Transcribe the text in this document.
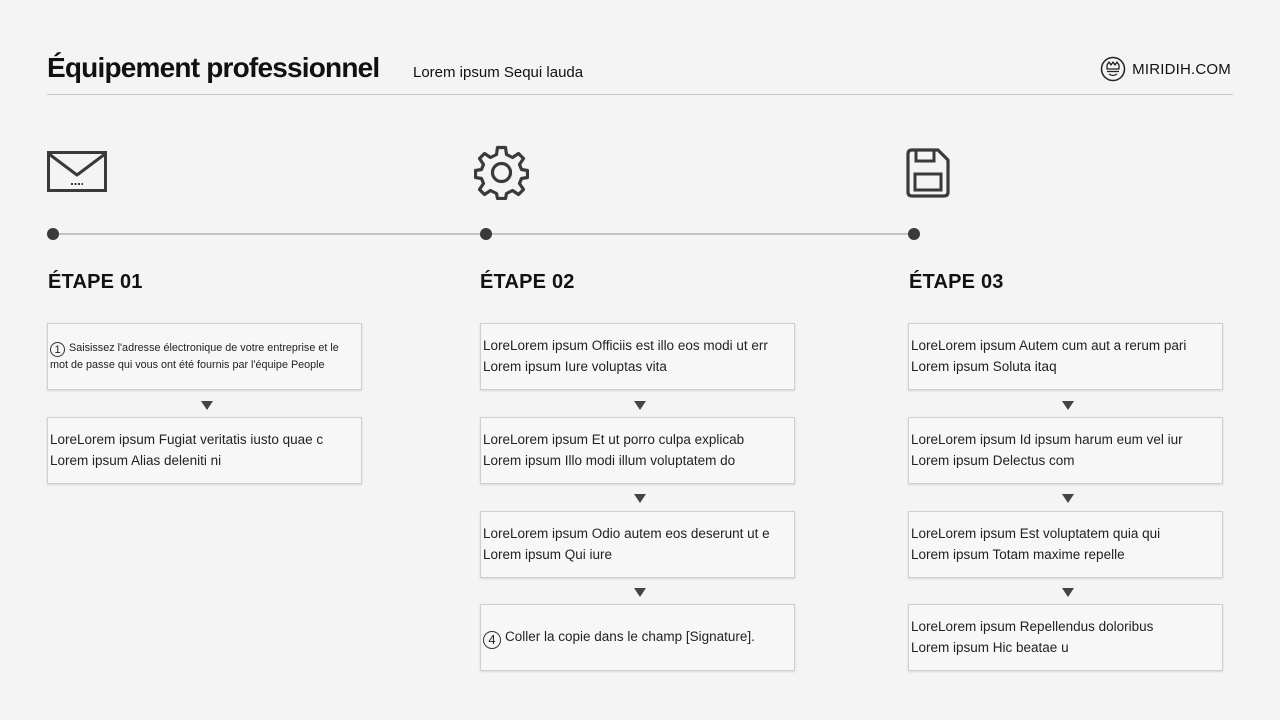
Équipement professionnel Lorem ipsum Sequi lauda	MIRIDIH.COM
ÉTAPE 01	ÉTAPE 02	ÉTAPE 03
1 Saisissez l'adresse électronique de votre entreprise et le
mot de passe qui vous ont été fournis par l'équipe People
LoreLorem ipsum Fugiat veritatis iusto quae c
Lorem ipsum Alias deleniti ni
LoreLorem ipsum Officiis est illo eos modi ut err
Lorem ipsum Iure voluptas vita
LoreLorem ipsum Et ut porro culpa explicab
Lorem ipsum Illo modi illum voluptatem do
LoreLorem ipsum Odio autem eos deserunt ut e
Lorem ipsum Qui iure
4 Coller la copie dans le champ [Signature].
LoreLorem ipsum Autem cum aut a rerum pari
Lorem ipsum Soluta itaq
LoreLorem ipsum Id ipsum harum eum vel iur
Lorem ipsum Delectus com
LoreLorem ipsum Est voluptatem quia qui
Lorem ipsum Totam maxime repelle
LoreLorem ipsum Repellendus doloribus
Lorem ipsum Hic beatae u
